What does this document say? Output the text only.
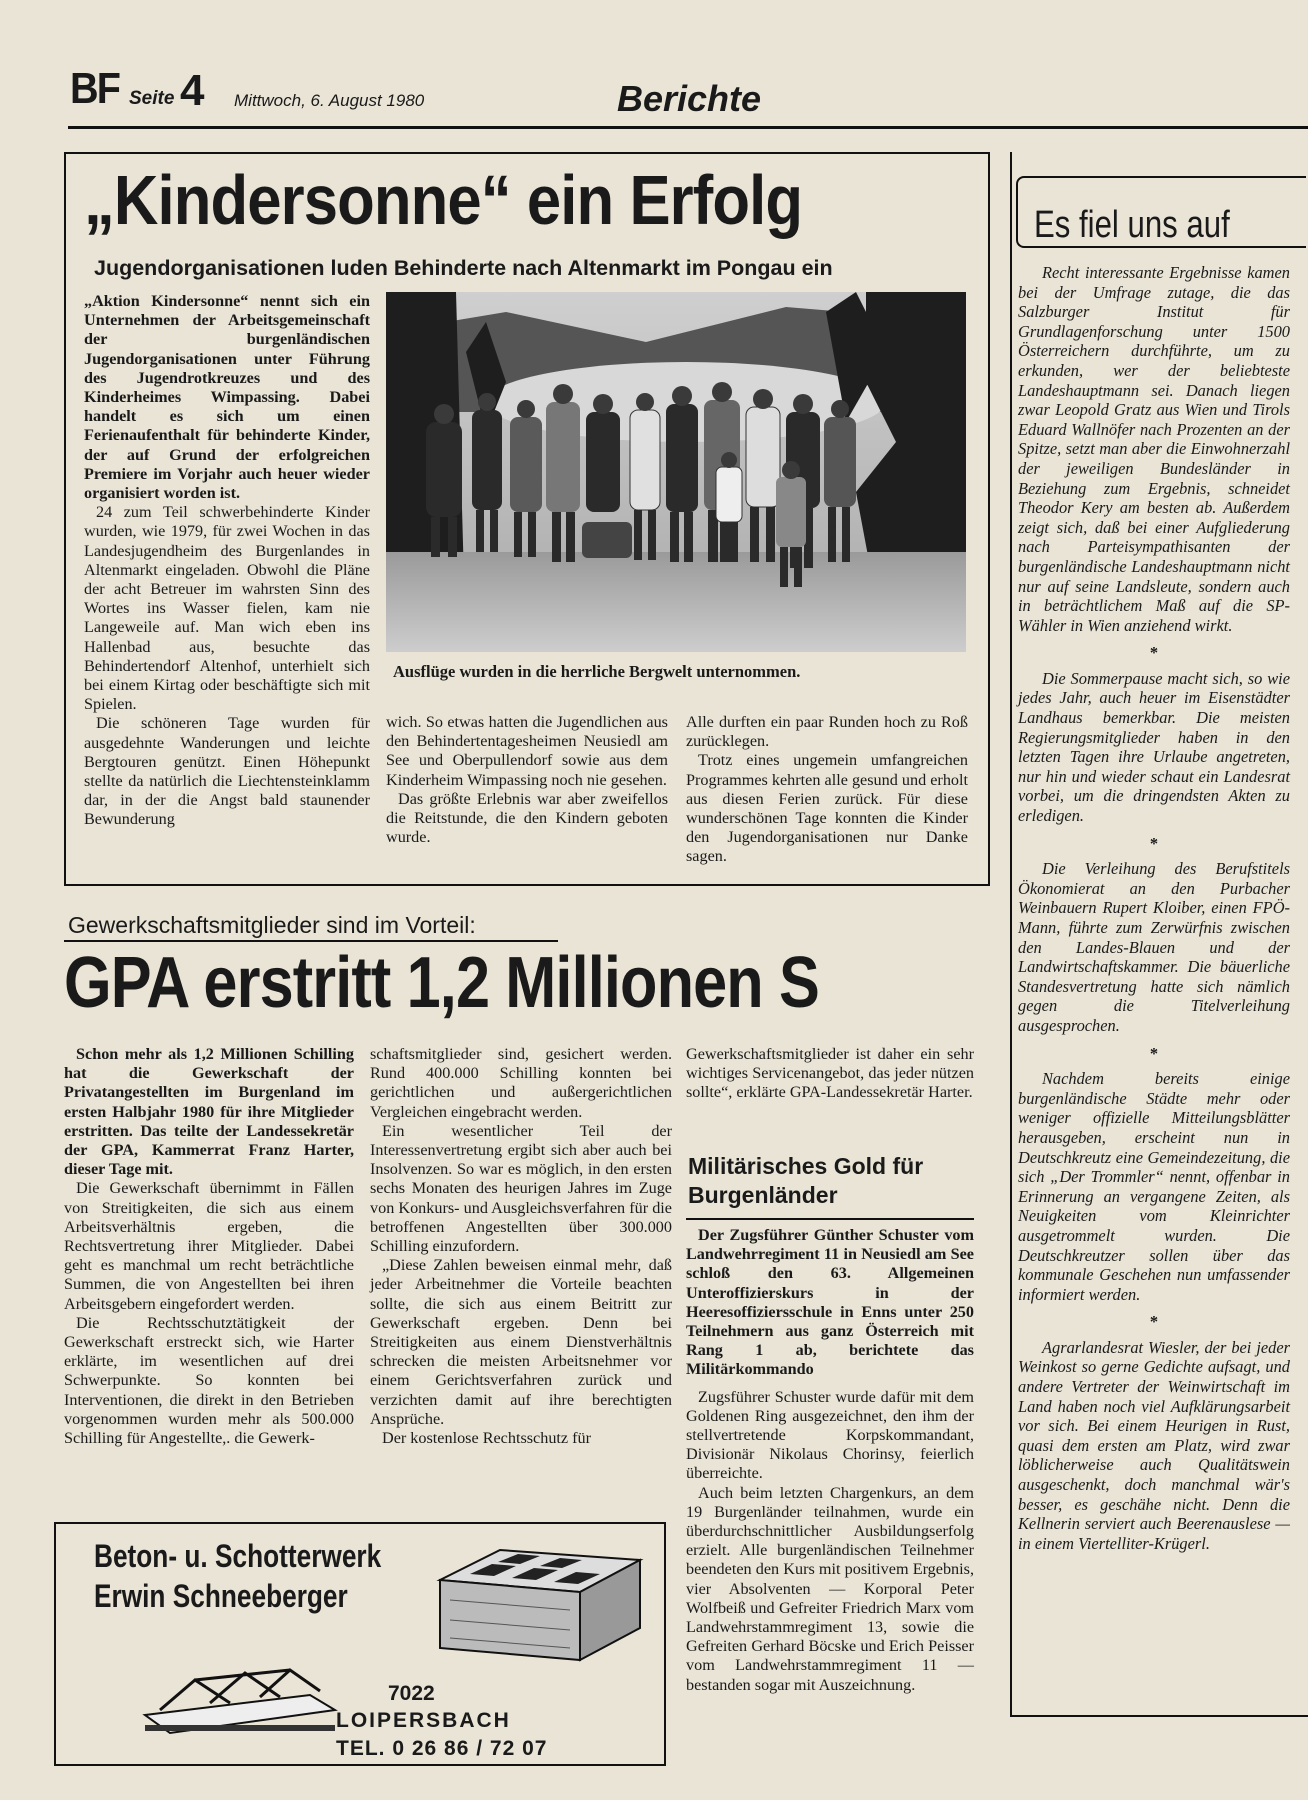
BF Seite 4 Mittwoch, 6. August 1980	Berichte
„Kindersonne“ ein Erfolg
Jugendorganisationen luden Behinderte nach Altenmarkt im Pongau ein

„Aktion Kindersonne“ nennt sich ein Unternehmen der Arbeitsgemeinschaft der burgenländischen Jugendorganisationen unter Führung des Jugendrotkreuzes und des Kinderheimes Wimpassing. Dabei handelt es sich um einen Ferienaufenthalt für behinderte Kinder, der auf Grund der erfolgreichen Premiere im Vorjahr auch heuer wieder organisiert worden ist.

24 zum Teil schwerbehinderte Kinder wurden, wie 1979, für zwei Wochen in das Landesjugendheim des Burgenlandes in Altenmarkt eingeladen. Obwohl die Pläne der acht Betreuer im wahrsten Sinn des Wortes ins Wasser fielen, kam nie Langeweile auf. Man wich eben ins Hallenbad aus, besuchte das Behindertendorf Altenhof, unterhielt sich bei einem Kirtag oder beschäftigte sich mit Spielen.

Die schöneren Tage wurden für ausgedehnte Wanderungen und leichte Bergtouren genützt. Einen Höhepunkt stellte da natürlich die Liechtensteinklamm dar, in der die Angst bald staunender Bewunderung

Ausflüge wurden in die herrliche Bergwelt unternommen.

wich. So etwas hatten die Jugendlichen aus den Behindertentagesheimen Neusiedl am See und Oberpullendorf sowie aus dem Kinderheim Wimpassing noch nie gesehen.

Das größte Erlebnis war aber zweifellos die Reitstunde, die den Kindern geboten wurde.

Alle durften ein paar Runden hoch zu Roß zurücklegen.

Trotz eines ungemein umfangreichen Programmes kehrten alle gesund und erholt aus diesen Ferien zurück. Für diese wunderschönen Tage konnten die Kinder den Jugendorganisationen nur Danke sagen.

Es fiel uns auf

Recht interessante Ergebnisse kamen bei der Umfrage zutage, die das Salzburger Institut für Grundlagenforschung unter 1500 Österreichern durchführte, um zu erkunden, wer der beliebteste Landeshauptmann sei. Danach liegen zwar Leopold Gratz aus Wien und Tirols Eduard Wallnöfer nach Prozenten an der Spitze, setzt man aber die Einwohnerzahl der jeweiligen Bundesländer in Beziehung zum Ergebnis, schneidet Theodor Kery am besten ab. Außerdem zeigt sich, daß bei einer Aufgliederung nach Parteisympathisanten der burgenländische Landeshauptmann nicht nur auf seine Landsleute, sondern auch in beträchtlichem Maß auf die SP-Wähler in Wien anziehend wirkt.

*

Die Sommerpause macht sich, so wie jedes Jahr, auch heuer im Eisenstädter Landhaus bemerkbar. Die meisten Regierungsmitglieder haben in den letzten Tagen ihre Urlaube angetreten, nur hin und wieder schaut ein Landesrat vorbei, um die dringendsten Akten zu erledigen.

*

Die Verleihung des Berufstitels Ökonomierat an den Purbacher Weinbauern Rupert Kloiber, einen FPÖ-Mann, führte zum Zerwürfnis zwischen den Landes-Blauen und der Landwirtschaftskammer. Die bäuerliche Standesvertretung hatte sich nämlich gegen die Titelverleihung ausgesprochen.

*

Nachdem bereits einige burgenländische Städte mehr oder weniger offizielle Mitteilungsblätter herausgeben, erscheint nun in Deutschkreutz eine Gemeindezeitung, die sich „Der Trommler“ nennt, offenbar in Erinnerung an vergangene Zeiten, als Neuigkeiten vom Kleinrichter ausgetrommelt wurden. Die Deutschkreutzer sollen über das kommunale Geschehen nun umfassender informiert werden.

*

Agrarlandesrat Wiesler, der bei jeder Weinkost so gerne Gedichte aufsagt, und andere Vertreter der Weinwirtschaft im Land haben noch viel Aufklärungsarbeit vor sich. Bei einem Heurigen in Rust, quasi dem ersten am Platz, wird zwar löblicherweise auch Qualitätswein ausgeschenkt, doch manchmal wär's besser, es geschähe nicht. Denn die Kellnerin serviert auch Beerenauslese — in einem Viertelliter-Krügerl.

Gewerkschaftsmitglieder sind im Vorteil:
GPA erstritt 1,2 Millionen S

Schon mehr als 1,2 Millionen Schilling hat die Gewerkschaft der Privatangestellten im Burgenland im ersten Halbjahr 1980 für ihre Mitglieder erstritten. Das teilte der Landessekretär der GPA, Kammerrat Franz Harter, dieser Tage mit.

Die Gewerkschaft übernimmt in Fällen von Streitigkeiten, die sich aus einem Arbeitsverhältnis ergeben, die Rechtsvertretung ihrer Mitglieder. Dabei geht es manchmal um recht beträchtliche Summen, die von Angestellten bei ihren Arbeitsgebern eingefordert werden.

Die Rechtsschutztätigkeit der Gewerkschaft erstreckt sich, wie Harter erklärte, im wesentlichen auf drei Schwerpunkte. So konnten bei Interventionen, die direkt in den Betrieben vorgenommen wurden mehr als 500.000 Schilling für Angestellte,. die Gewerk-

schaftsmitglieder sind, gesichert werden. Rund 400.000 Schilling konnten bei gerichtlichen und außergerichtlichen Vergleichen eingebracht werden.

Ein wesentlicher Teil der Interessenvertretung ergibt sich aber auch bei Insolvenzen. So war es möglich, in den ersten sechs Monaten des heurigen Jahres im Zuge von Konkurs- und Ausgleichsverfahren für die betroffenen Angestellten über 300.000 Schilling einzufordern.

„Diese Zahlen beweisen einmal mehr, daß jeder Arbeitnehmer die Vorteile beachten sollte, die sich aus einem Beitritt zur Gewerkschaft ergeben. Denn bei Streitigkeiten aus einem Dienstverhältnis schrecken die meisten Arbeitsnehmer vor einem Gerichtsverfahren zurück und verzichten damit auf ihre berechtigten Ansprüche.

Der kostenlose Rechtsschutz für

Gewerkschaftsmitglieder ist daher ein sehr wichtiges Servicenangebot, das jeder nützen sollte“, erklärte GPA-Landessekretär Harter.

Militärisches Gold für Burgenländer

Der Zugsführer Günther Schuster vom Landwehrregiment 11 in Neusiedl am See schloß den 63. Allgemeinen Unteroffizierskurs in der Heeresoffiziersschule in Enns unter 250 Teilnehmern aus ganz Österreich mit Rang 1 ab, berichtete das Militärkommando

Zugsführer Schuster wurde dafür mit dem Goldenen Ring ausgezeichnet, den ihm der stellvertretende Korpskommandant, Divisionär Nikolaus Chorinsy, feierlich überreichte.

Auch beim letzten Chargenkurs, an dem 19 Burgenländer teilnahmen, wurde ein überdurchschnittlicher Ausbildungserfolg erzielt. Alle burgenländischen Teilnehmer beendeten den Kurs mit positivem Ergebnis, vier Absolventen — Korporal Peter Wolfbeiß und Gefreiter Friedrich Marx vom Landwehrstammregiment 13, sowie die Gefreiten Gerhard Böcske und Erich Peisser vom Landwehrstammregiment 11 — bestanden sogar mit Auszeichnung.

Beton- u. Schotterwerk
Erwin Schneeberger
7022
LOIPERSBACH
TEL. 0 26 86 / 72 07
